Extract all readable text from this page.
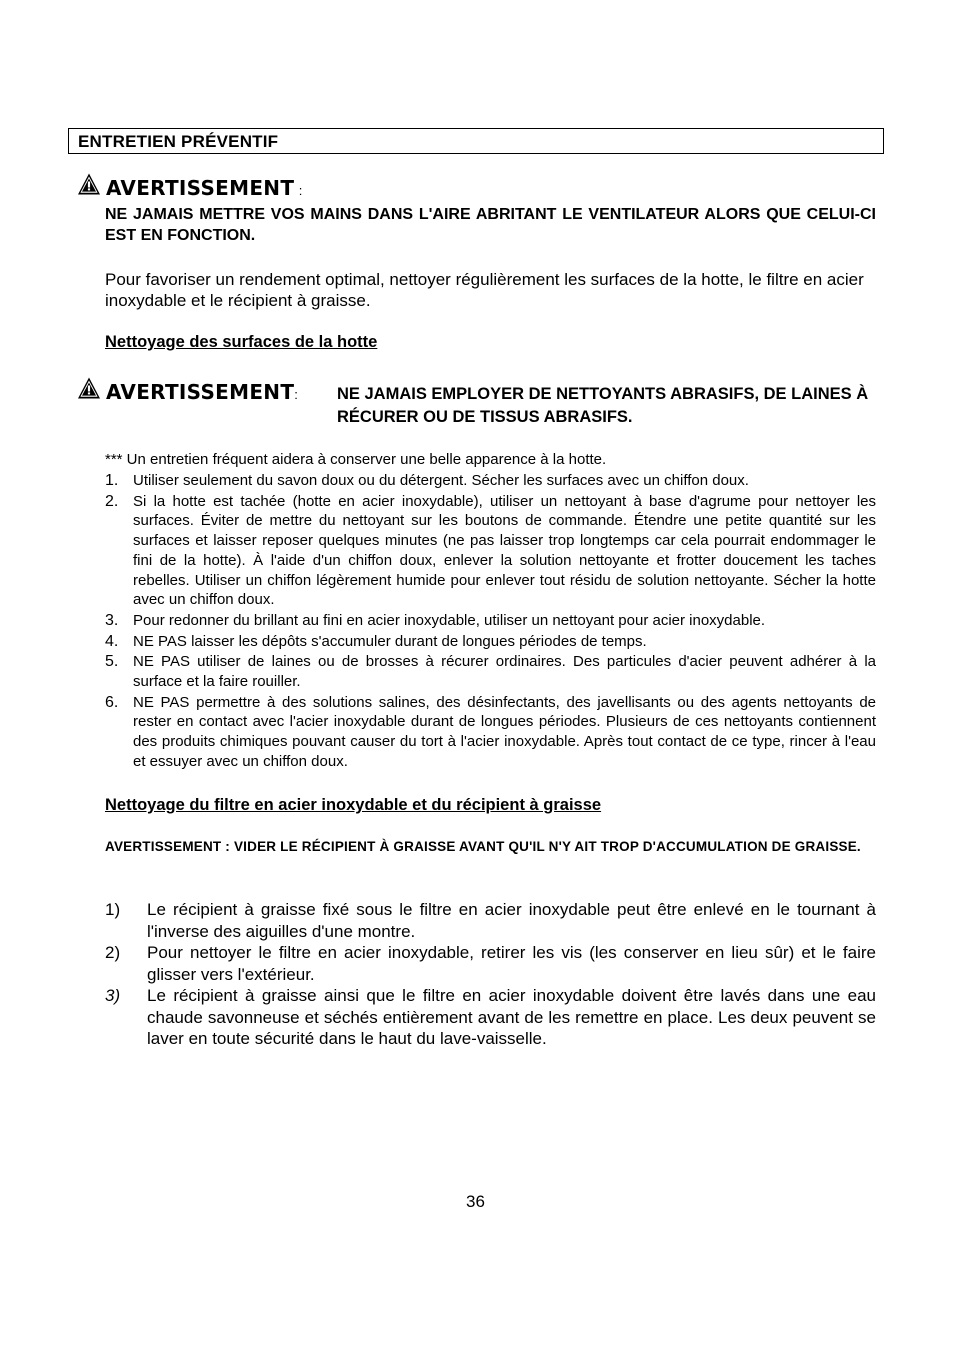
ENTRETIEN PRÉVENTIF
AVERTISSEMENT :
NE JAMAIS METTRE VOS MAINS DANS L'AIRE ABRITANT LE VENTILATEUR ALORS QUE CELUI-CI EST EN FONCTION.
Pour favoriser un rendement optimal, nettoyer régulièrement les surfaces de la hotte, le filtre en acier inoxydable et le récipient à graisse.
Nettoyage des surfaces de la hotte
AVERTISSEMENT: NE JAMAIS EMPLOYER DE NETTOYANTS ABRASIFS, DE LAINES À RÉCURER OU DE TISSUS ABRASIFS.
*** Un entretien fréquent aidera à conserver une belle apparence à la hotte.
1. Utiliser seulement du savon doux ou du détergent. Sécher les surfaces avec un chiffon doux.
2. Si la hotte est tachée (hotte en acier inoxydable), utiliser un nettoyant à base d'agrume pour nettoyer les surfaces. Éviter de mettre du nettoyant sur les boutons de commande. Étendre une petite quantité sur les surfaces et laisser reposer quelques minutes (ne pas laisser trop longtemps car cela pourrait endommager le fini de la hotte). À l'aide d'un chiffon doux, enlever la solution nettoyante et frotter doucement les taches rebelles. Utiliser un chiffon légèrement humide pour enlever tout résidu de solution nettoyante. Sécher la hotte avec un chiffon doux.
3. Pour redonner du brillant au fini en acier inoxydable, utiliser un nettoyant pour acier inoxydable.
4. NE PAS laisser les dépôts s'accumuler durant de longues périodes de temps.
5. NE PAS utiliser de laines ou de brosses à récurer ordinaires. Des particules d'acier peuvent adhérer à la surface et la faire rouiller.
6. NE PAS permettre à des solutions salines, des désinfectants, des javellisants ou des agents nettoyants de rester en contact avec l'acier inoxydable durant de longues périodes. Plusieurs de ces nettoyants contiennent des produits chimiques pouvant causer du tort à l'acier inoxydable. Après tout contact de ce type, rincer à l'eau et essuyer avec un chiffon doux.
Nettoyage du filtre en acier inoxydable et du récipient à graisse
AVERTISSEMENT : VIDER LE RÉCIPIENT À GRAISSE AVANT QU'IL N'Y AIT TROP D'ACCUMULATION DE GRAISSE.
1) Le récipient à graisse fixé sous le filtre en acier inoxydable peut être enlevé en le tournant à l'inverse des aiguilles d'une montre.
2) Pour nettoyer le filtre en acier inoxydable, retirer les vis (les conserver en lieu sûr) et le faire glisser vers l'extérieur.
3) Le récipient à graisse ainsi que le filtre en acier inoxydable doivent être lavés dans une eau chaude savonneuse et séchés entièrement avant de les remettre en place. Les deux peuvent se laver en toute sécurité dans le haut du lave-vaisselle.
36
